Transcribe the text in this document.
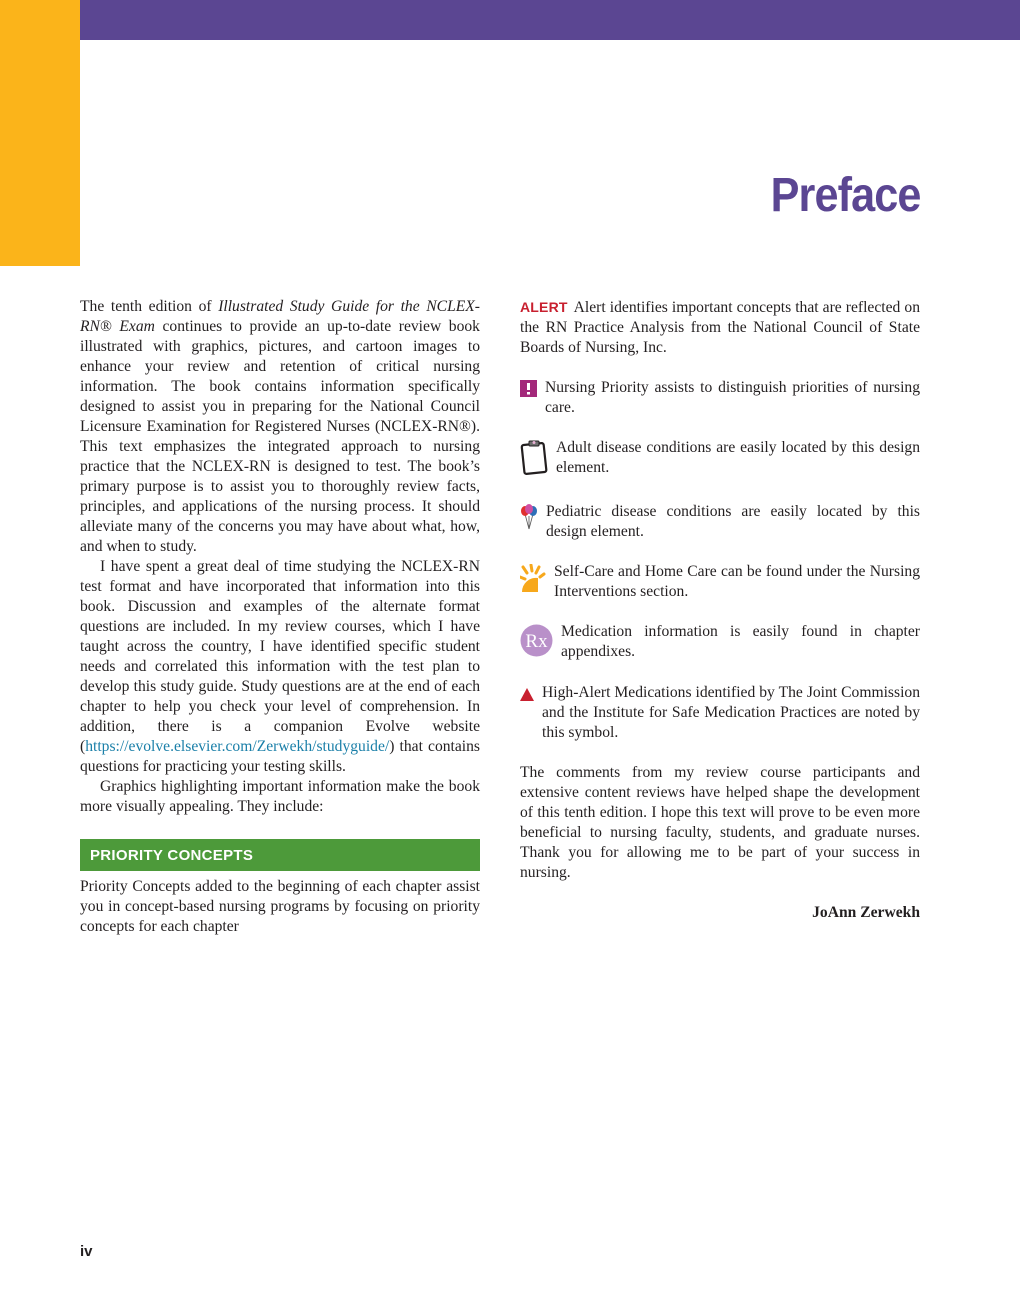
Preface

The tenth edition of Illustrated Study Guide for the NCLEX-RN® Exam continues to provide an up-to-date review book illustrated with graphics, pictures, and cartoon images to enhance your review and retention of critical nursing information. The book contains information specifically designed to assist you in preparing for the National Council Licensure Examination for Registered Nurses (NCLEX-RN®). This text emphasizes the integrated approach to nursing practice that the NCLEX-RN is designed to test. The book’s primary purpose is to assist you to thoroughly review facts, principles, and applications of the nursing process. It should alleviate many of the concerns you may have about what, how, and when to study.

I have spent a great deal of time studying the NCLEX-RN test format and have incorporated that information into this book. Discussion and examples of the alternate format questions are included. In my review courses, which I have taught across the country, I have identified specific student needs and correlated this information with the test plan to develop this study guide. Study questions are at the end of each chapter to help you check your level of comprehension. In addition, there is a companion Evolve website (https://evolve.elsevier.com/Zerwekh/studyguide/) that contains questions for practicing your testing skills.

Graphics highlighting important information make the book more visually appealing. They include:

PRIORITY CONCEPTS

Priority Concepts added to the beginning of each chapter assist you in concept-based nursing programs by focusing on priority concepts for each chapter

ALERT Alert identifies important concepts that are reflected on the RN Practice Analysis from the National Council of State Boards of Nursing, Inc.

Nursing Priority assists to distinguish priorities of nursing care.
Adult disease conditions are easily located by this design element.
Pediatric disease conditions are easily located by this design element.
Self-Care and Home Care can be found under the Nursing Interventions section.
Rx Medication information is easily found in chapter appendixes.
High-Alert Medications identified by The Joint Commission and the Institute for Safe Medication Practices are noted by this symbol.

The comments from my review course participants and extensive content reviews have helped shape the development of this tenth edition. I hope this text will prove to be even more beneficial to nursing faculty, students, and graduate nurses. Thank you for allowing me to be part of your success in nursing.

JoAnn Zerwekh

iv
